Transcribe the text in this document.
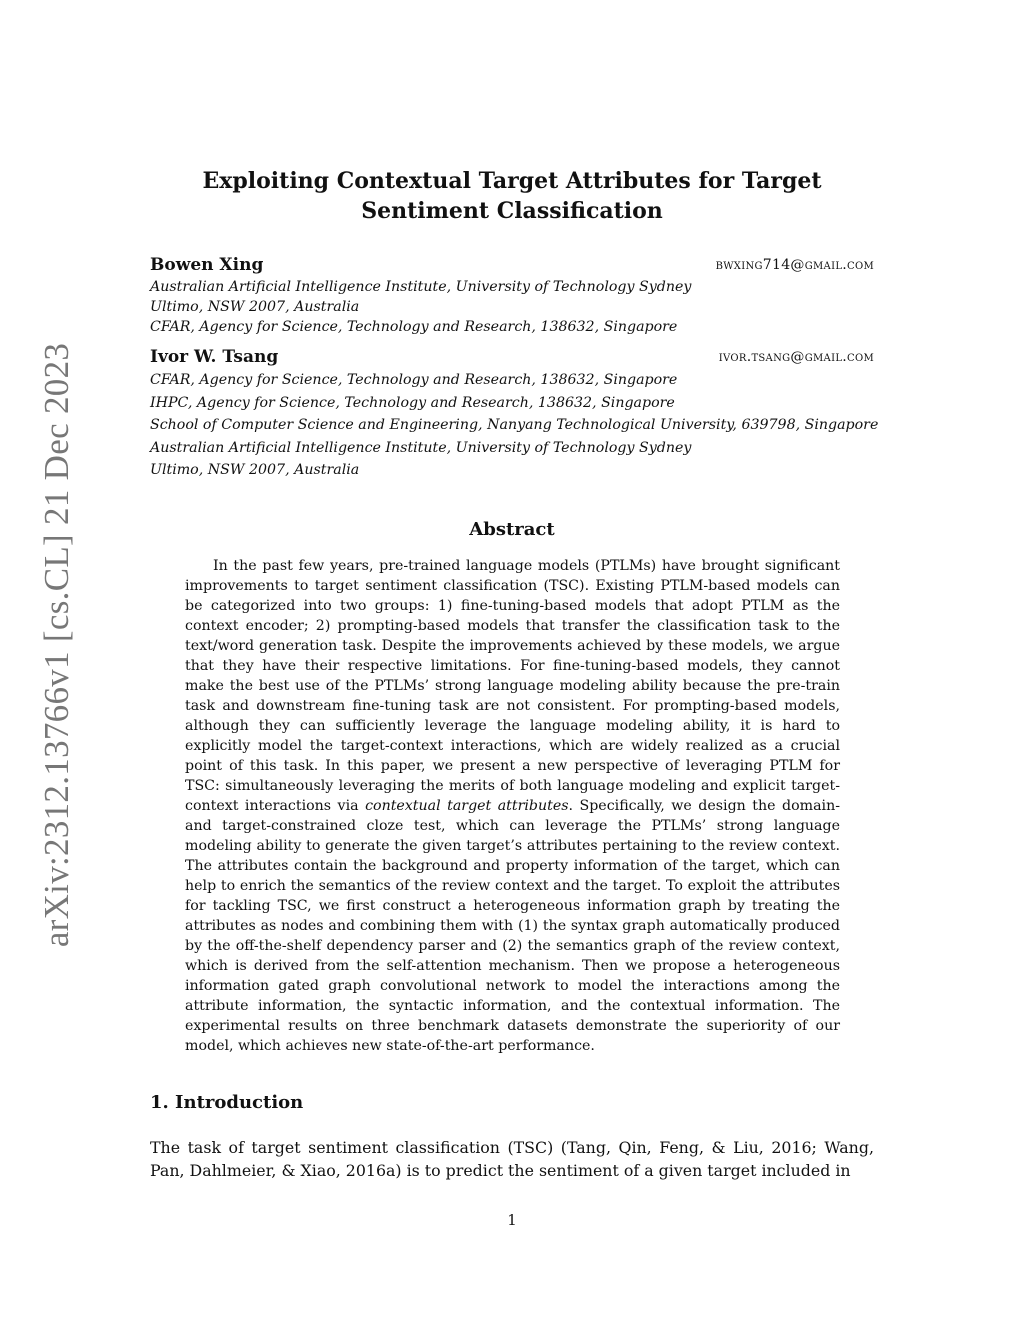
arXiv:2312.13766v1 [cs.CL] 21 Dec 2023
Exploiting Contextual Target Attributes for Target
Sentiment Classification
Bowen Xing	bwxing714@gmail.com
Australian Artificial Intelligence Institute, University of Technology Sydney
Ultimo, NSW 2007, Australia
CFAR, Agency for Science, Technology and Research, 138632, Singapore
Ivor W. Tsang	ivor.tsang@gmail.com
CFAR, Agency for Science, Technology and Research, 138632, Singapore
IHPC, Agency for Science, Technology and Research, 138632, Singapore
School of Computer Science and Engineering, Nanyang Technological University, 639798, Singapore
Australian Artificial Intelligence Institute, University of Technology Sydney
Ultimo, NSW 2007, Australia
Abstract
In the past few years, pre-trained language models (PTLMs) have brought significant improvements to target sentiment classification (TSC). Existing PTLM-based models can be categorized into two groups: 1) fine-tuning-based models that adopt PTLM as the context encoder; 2) prompting-based models that transfer the classification task to the text/word generation task. Despite the improvements achieved by these models, we argue that they have their respective limitations. For fine-tuning-based models, they cannot make the best use of the PTLMs’ strong language modeling ability because the pre-train task and downstream fine-tuning task are not consistent. For prompting-based models, although they can sufficiently leverage the language modeling ability, it is hard to explicitly model the target-context interactions, which are widely realized as a crucial point of this task. In this paper, we present a new perspective of leveraging PTLM for TSC: simultaneously leveraging the merits of both language modeling and explicit target-context interactions via contextual target attributes. Specifically, we design the domain- and target-constrained cloze test, which can leverage the PTLMs’ strong language modeling ability to generate the given target’s attributes pertaining to the review context. The attributes contain the background and property information of the target, which can help to enrich the semantics of the review context and the target. To exploit the attributes for tackling TSC, we first construct a heterogeneous information graph by treating the attributes as nodes and combining them with (1) the syntax graph automatically produced by the off-the-shelf dependency parser and (2) the semantics graph of the review context, which is derived from the self-attention mechanism. Then we propose a heterogeneous information gated graph convolutional network to model the interactions among the attribute information, the syntactic information, and the contextual information. The experimental results on three benchmark datasets demonstrate the superiority of our model, which achieves new state-of-the-art performance.
1. Introduction
The task of target sentiment classification (TSC) (Tang, Qin, Feng, & Liu, 2016; Wang, Pan, Dahlmeier, & Xiao, 2016a) is to predict the sentiment of a given target included in
1
